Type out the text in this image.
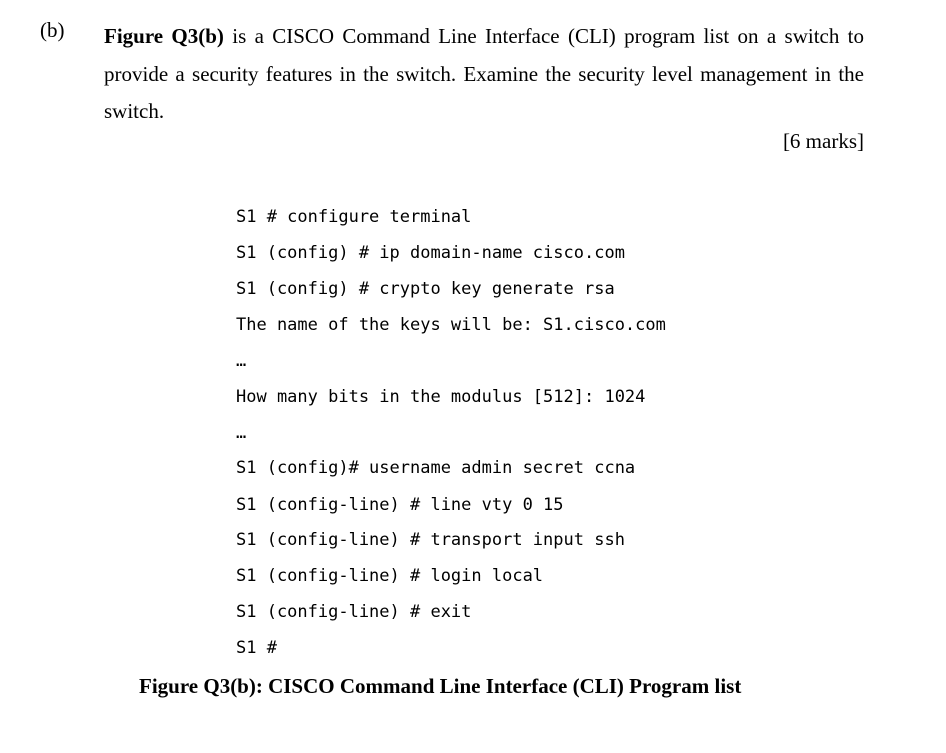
(b) Figure Q3(b) is a CISCO Command Line Interface (CLI) program list on a switch to
provide a security features in the switch. Examine the security level management in the
switch.
[6 marks]
S1 # configure terminal
S1 (config) # ip domain-name cisco.com
S1 (config) # crypto key generate rsa
The name of the keys will be: S1.cisco.com
…
How many bits in the modulus [512]: 1024
…
S1 (config)# username admin secret ccna
S1 (config-line) # line vty 0 15
S1 (config-line) # transport input ssh
S1 (config-line) # login local
S1 (config-line) # exit
S1 #
Figure Q3(b): CISCO Command Line Interface (CLI) Program list
